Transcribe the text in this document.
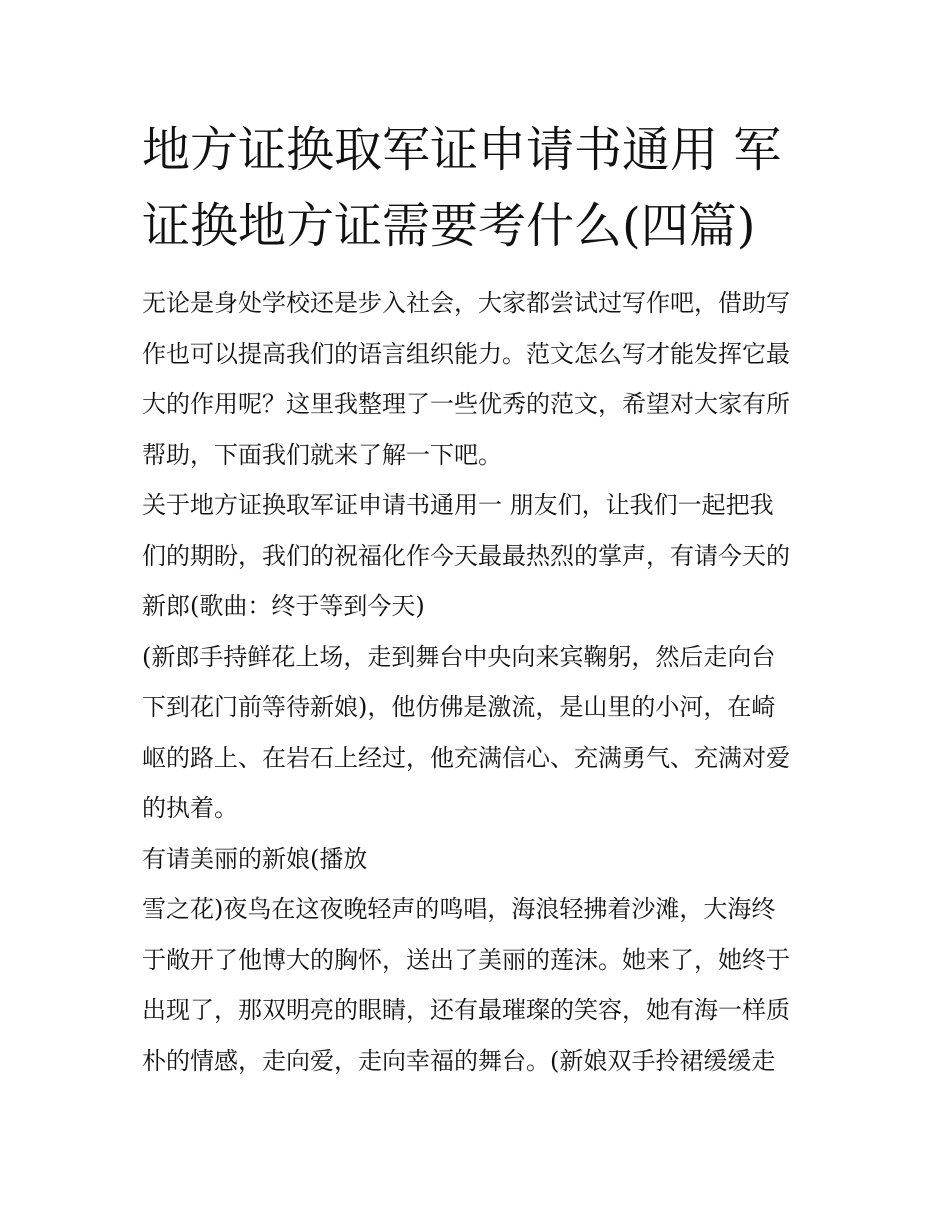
地方证换取军证申请书通用 军
证换地方证需要考什么(四篇)

无论是身处学校还是步入社会，大家都尝试过写作吧，借助写
作也可以提高我们的语言组织能力。范文怎么写才能发挥它最
大的作用呢？这里我整理了一些优秀的范文，希望对大家有所
帮助，下面我们就来了解一下吧。

关于地方证换取军证申请书通用一 朋友们，让我们一起把我
们的期盼，我们的祝福化作今天最最热烈的掌声，有请今天的
新郎(歌曲：终于等到今天)

(新郎手持鲜花上场，走到舞台中央向来宾鞠躬，然后走向台
下到花门前等待新娘)，他仿佛是激流，是山里的小河，在崎
岖的路上、在岩石上经过，他充满信心、充满勇气、充满对爱
的执着。

有请美丽的新娘(播放

雪之花)夜鸟在这夜晚轻声的鸣唱，海浪轻拂着沙滩，大海终
于敞开了他博大的胸怀，送出了美丽的莲沫。她来了，她终于
出现了，那双明亮的眼睛，还有最璀璨的笑容，她有海一样质
朴的情感，走向爱，走向幸福的舞台。(新娘双手拎裙缓缓走
